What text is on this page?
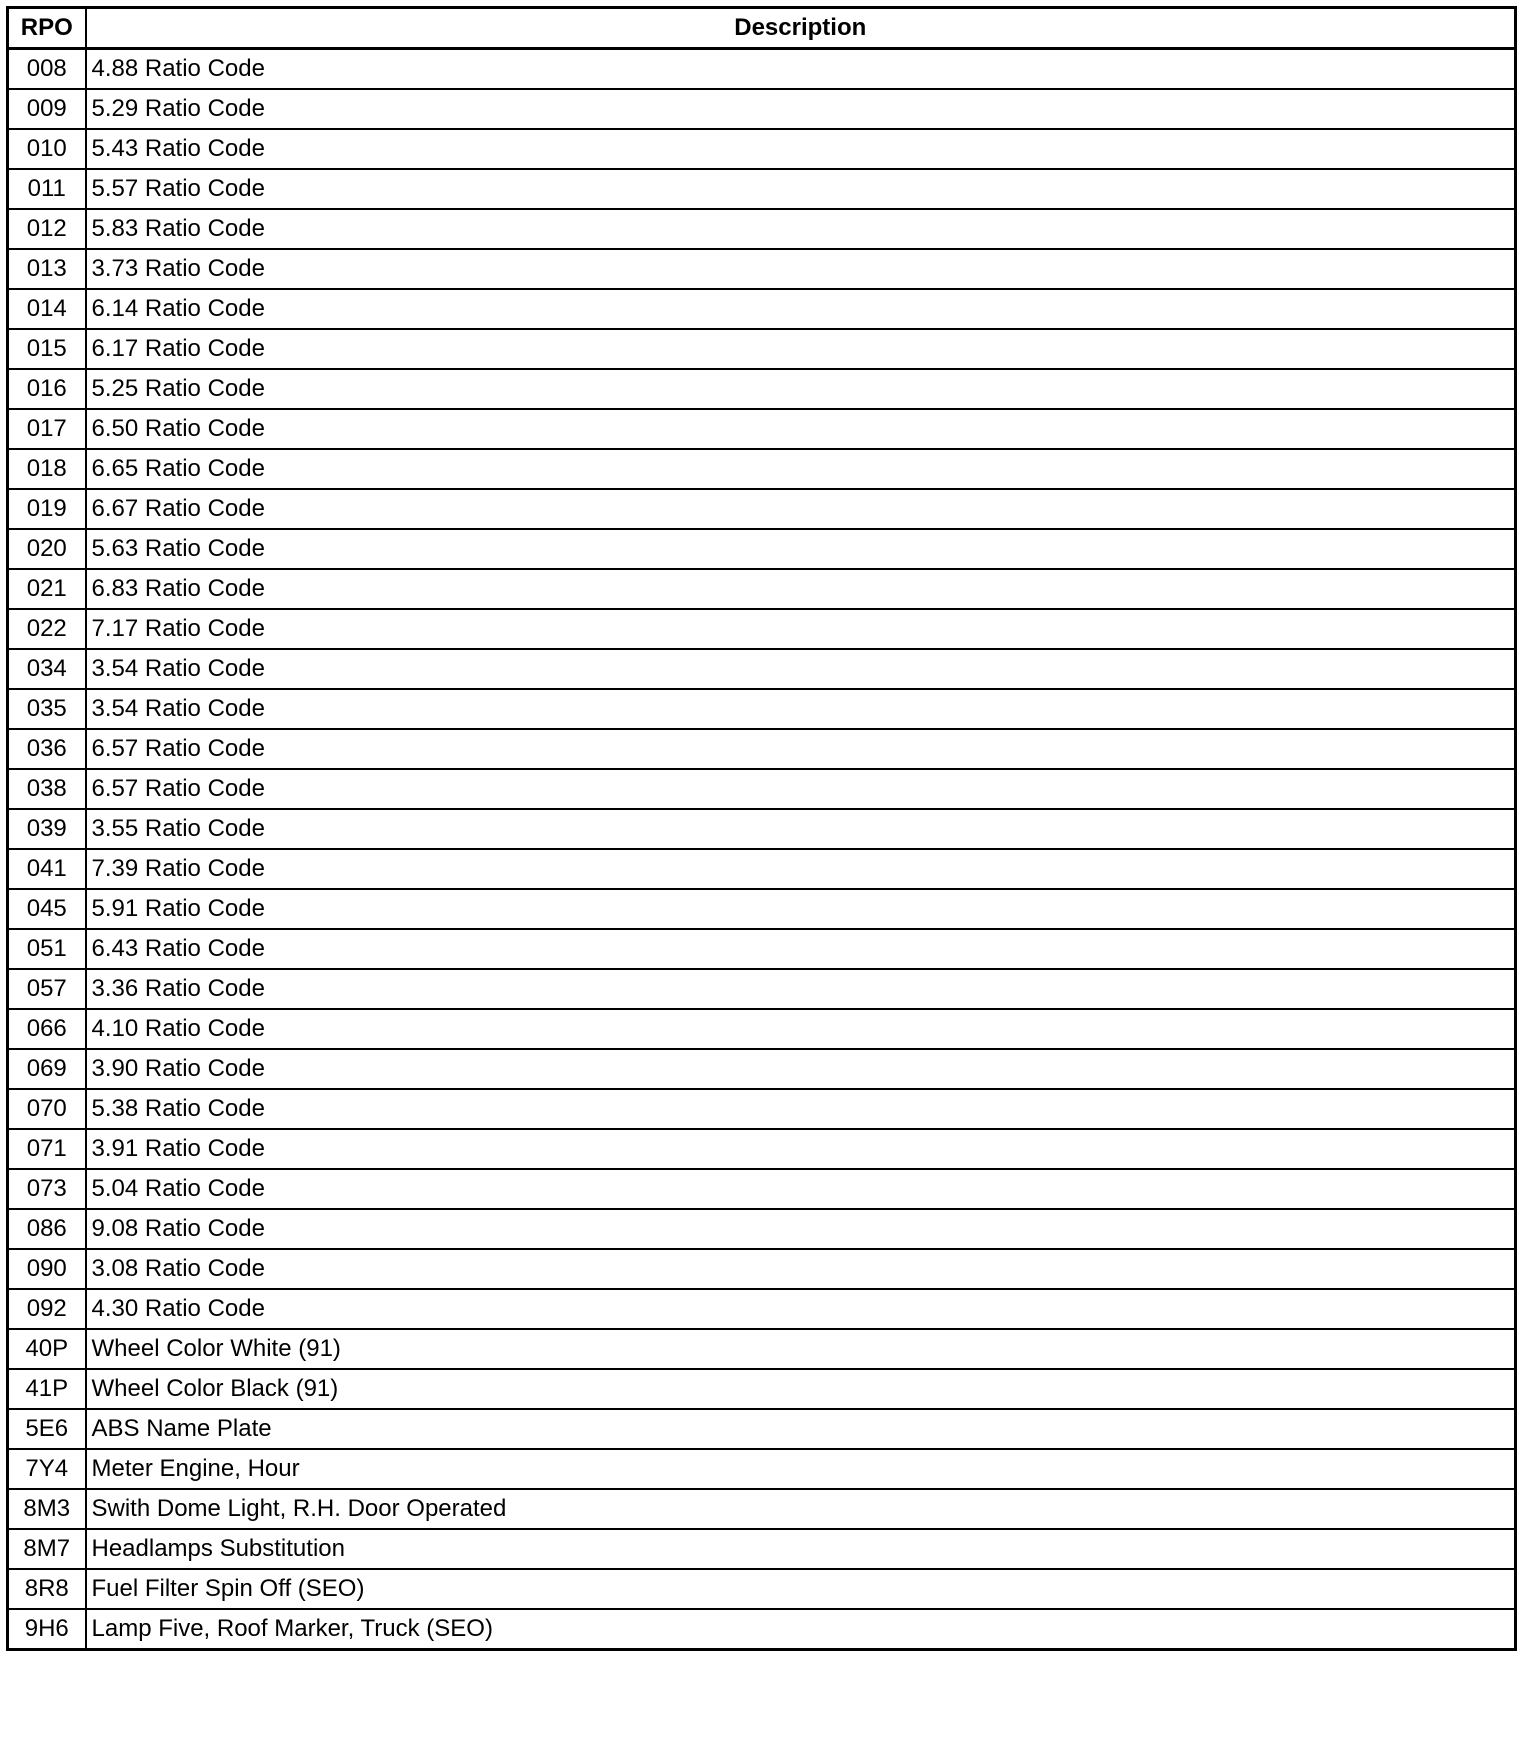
RPO	Description
008	4.88 Ratio Code
009	5.29 Ratio Code
010	5.43 Ratio Code
011	5.57 Ratio Code
012	5.83 Ratio Code
013	3.73 Ratio Code
014	6.14 Ratio Code
015	6.17 Ratio Code
016	5.25 Ratio Code
017	6.50 Ratio Code
018	6.65 Ratio Code
019	6.67 Ratio Code
020	5.63 Ratio Code
021	6.83 Ratio Code
022	7.17 Ratio Code
034	3.54 Ratio Code
035	3.54 Ratio Code
036	6.57 Ratio Code
038	6.57 Ratio Code
039	3.55 Ratio Code
041	7.39 Ratio Code
045	5.91 Ratio Code
051	6.43 Ratio Code
057	3.36 Ratio Code
066	4.10 Ratio Code
069	3.90 Ratio Code
070	5.38 Ratio Code
071	3.91 Ratio Code
073	5.04 Ratio Code
086	9.08 Ratio Code
090	3.08 Ratio Code
092	4.30 Ratio Code
40P	Wheel Color White (91)
41P	Wheel Color Black (91)
5E6	ABS Name Plate
7Y4	Meter Engine, Hour
8M3	Swith Dome Light, R.H. Door Operated
8M7	Headlamps Substitution
8R8	Fuel Filter Spin Off (SEO)
9H6	Lamp Five, Roof Marker, Truck (SEO)
